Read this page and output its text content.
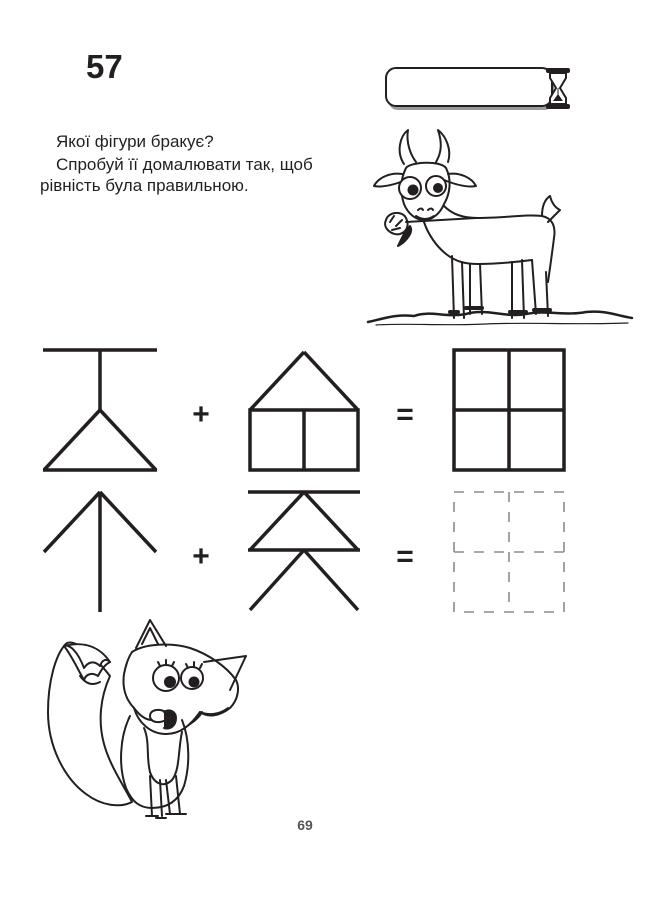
57
Якої фігури бракує?
Спробуй її домалювати так, щоб
рівність була правильною.
+	=
+	=
69
